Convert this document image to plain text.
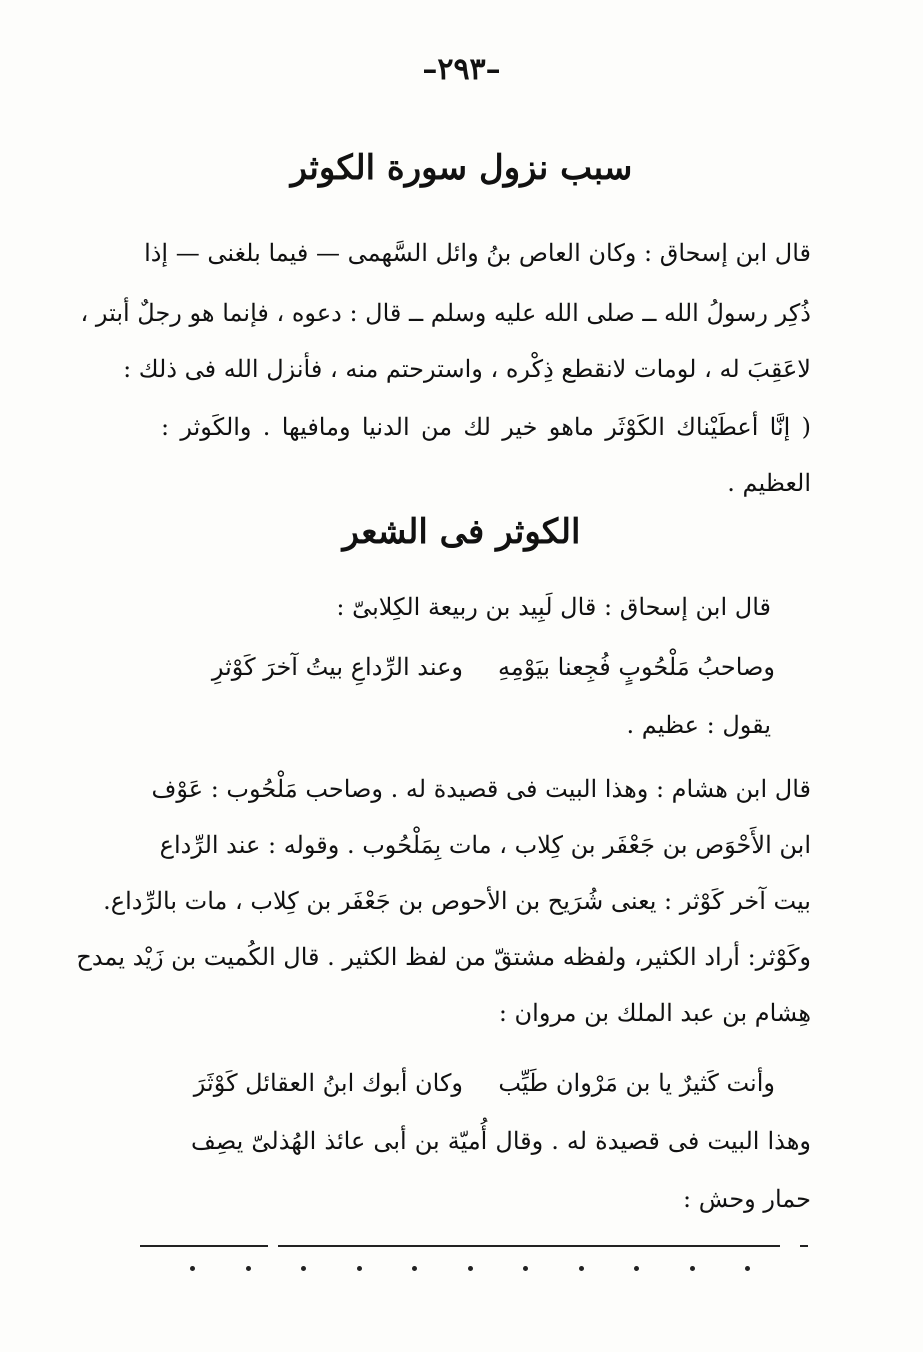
–٢٩٣–
سبب نزول سورة الكوثر
قال ابن إسحاق : وكان العاص بنُ وائل السَّهمى — فيما بلغنى — إذا
ذُكِر رسولُ الله ــ صلى الله عليه وسلم ــ قال : دعوه ، فإنما هو رجلٌ أبتر ،
لاعَقِبَ له ، لومات لانقطع ذِكْره ، واسترحتم منه ، فأنزل الله فى ذلك :
( إنَّا أعطَيْناك الكَوْثَر ماهو خير لك من الدنيا ومافيها . والكَوثر :
العظيم .
الكوثر فى الشعر
قال ابن إسحاق : قال لَبِيد بن ربيعة الكِلابىّ :
وصاحبُ مَلْحُوبٍ فُجِعنا بيَوْمِهِ
وعند الرِّداعِ بيتُ آخرَ كَوْثرِ
يقول : عظيم .
قال ابن هشام : وهذا البيت فى قصيدة له . وصاحب مَلْحُوب : عَوْف
ابن الأَحْوَص بن جَعْفَر بن كِلاب ، مات بِمَلْحُوب . وقوله : عند الرِّداع
بيت آخر كَوْثر : يعنى شُرَيح بن الأحوص بن جَعْفَر بن كِلاب ، مات بالرِّداع.
وكَوْثر: أراد الكثير، ولفظه مشتقّ من لفظ الكثير . قال الكُميت بن زَيْد يمدح
هِشام بن عبد الملك بن مروان :
وأنت كَثيرٌ يا بن مَرْوان طَيِّب
وكان أبوك ابنُ العقائل كَوْثَرَ
وهذا البيت فى قصيدة له . وقال أُميّة بن أبى عائذ الهُذلىّ يصِف
حمار وحش :
